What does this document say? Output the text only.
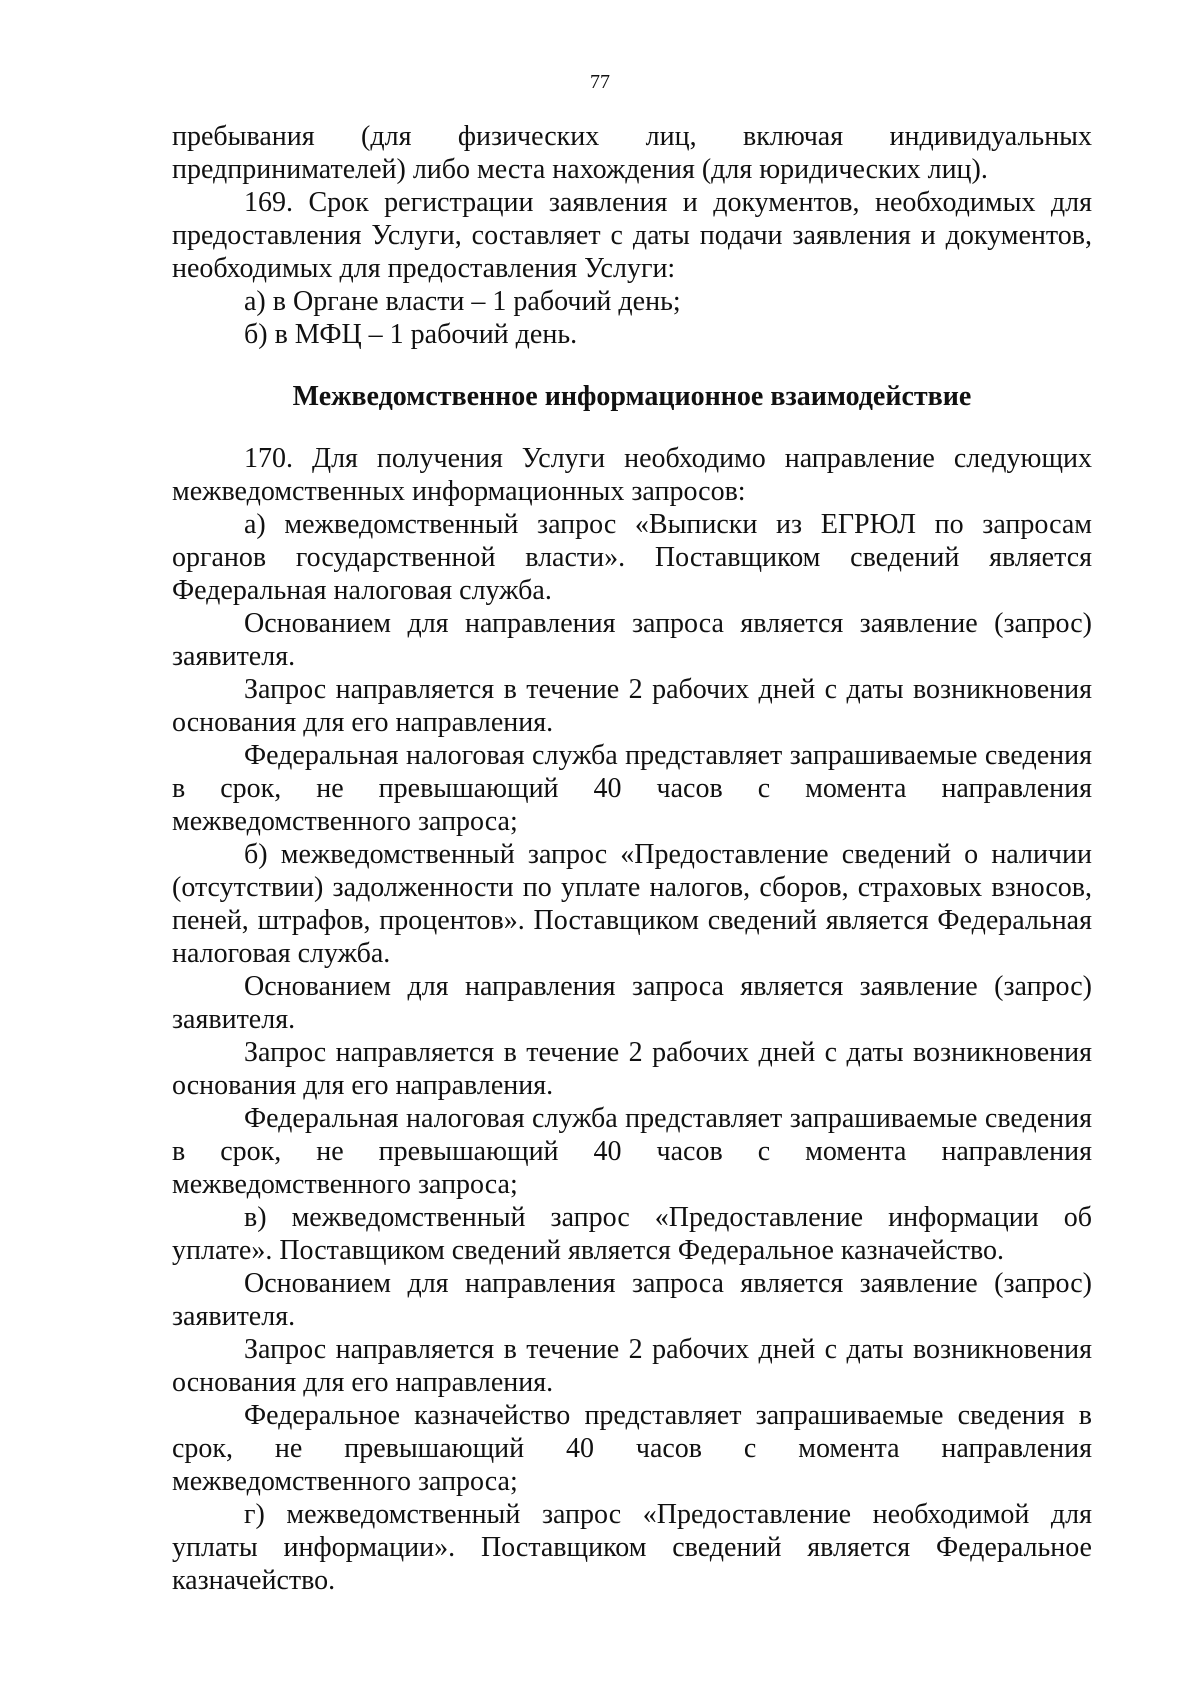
77

пребывания (для физических лиц, включая индивидуальных предпринимателей) либо места нахождения (для юридических лиц).

169. Срок регистрации заявления и документов, необходимых для предоставления Услуги, составляет с даты подачи заявления и документов, необходимых для предоставления Услуги:

а) в Органе власти – 1 рабочий день;

б) в МФЦ – 1 рабочий день.

Межведомственное информационное взаимодействие

170. Для получения Услуги необходимо направление следующих межведомственных информационных запросов:

а) межведомственный запрос «Выписки из ЕГРЮЛ по запросам органов государственной власти». Поставщиком сведений является Федеральная налоговая служба.

Основанием для направления запроса является заявление (запрос) заявителя.

Запрос направляется в течение 2 рабочих дней с даты возникновения основания для его направления.

Федеральная налоговая служба представляет запрашиваемые сведения в срок, не превышающий 40 часов с момента направления межведомственного запроса;

б) межведомственный запрос «Предоставление сведений о наличии (отсутствии) задолженности по уплате налогов, сборов, страховых взносов, пеней, штрафов, процентов». Поставщиком сведений является Федеральная налоговая служба.

Основанием для направления запроса является заявление (запрос) заявителя.

Запрос направляется в течение 2 рабочих дней с даты возникновения основания для его направления.

Федеральная налоговая служба представляет запрашиваемые сведения в срок, не превышающий 40 часов с момента направления межведомственного запроса;

в) межведомственный запрос «Предоставление информации об уплате». Поставщиком сведений является Федеральное казначейство.

Основанием для направления запроса является заявление (запрос) заявителя.

Запрос направляется в течение 2 рабочих дней с даты возникновения основания для его направления.

Федеральное казначейство представляет запрашиваемые сведения в срок, не превышающий 40 часов с момента направления межведомственного запроса;

г) межведомственный запрос «Предоставление необходимой для уплаты информации». Поставщиком сведений является Федеральное казначейство.
